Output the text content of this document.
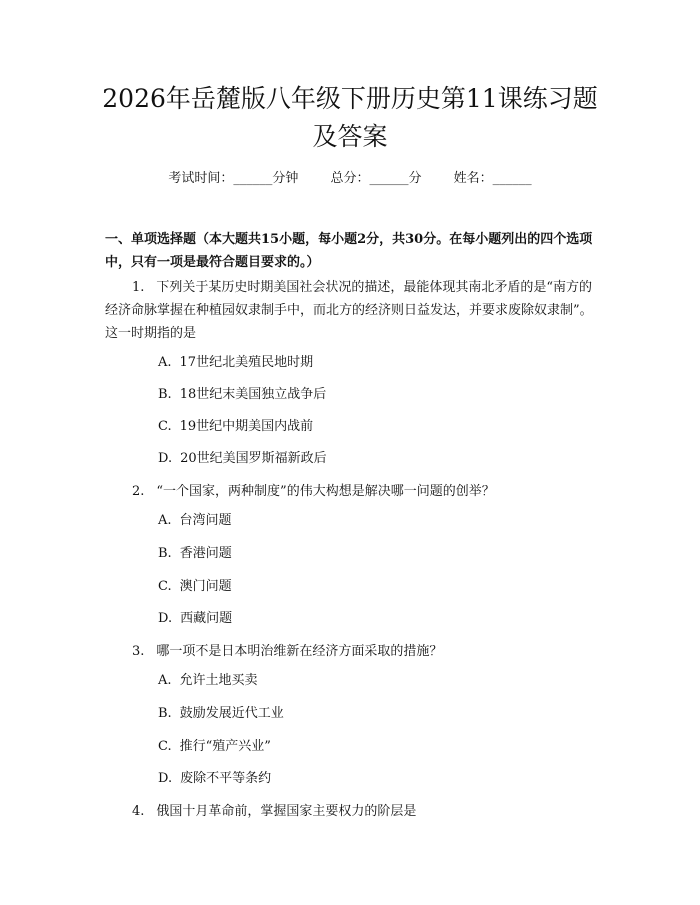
2026年岳麓版八年级下册历史第11课练习题及答案
考试时间：______分钟 总分：______分 姓名：______
一、单项选择题（本大题共15小题，每小题2分，共30分。在每小题列出的四个选项中，只有一项是最符合题目要求的。）
1. 下列关于某历史时期美国社会状况的描述，最能体现其南北矛盾的是“南方的经济命脉掌握在种植园奴隶制手中，而北方的经济则日益发达，并要求废除奴隶制”。这一时期指的是
A. 17世纪北美殖民地时期
B. 18世纪末美国独立战争后
C. 19世纪中期美国内战前
D. 20世纪美国罗斯福新政后
2. “一个国家，两种制度”的伟大构想是解决哪一问题的创举？
A. 台湾问题
B. 香港问题
C. 澳门问题
D. 西藏问题
3. 哪一项不是日本明治维新在经济方面采取的措施？
A. 允许土地买卖
B. 鼓励发展近代工业
C. 推行“殖产兴业”
D. 废除不平等条约
4. 俄国十月革命前，掌握国家主要权力的阶层是
